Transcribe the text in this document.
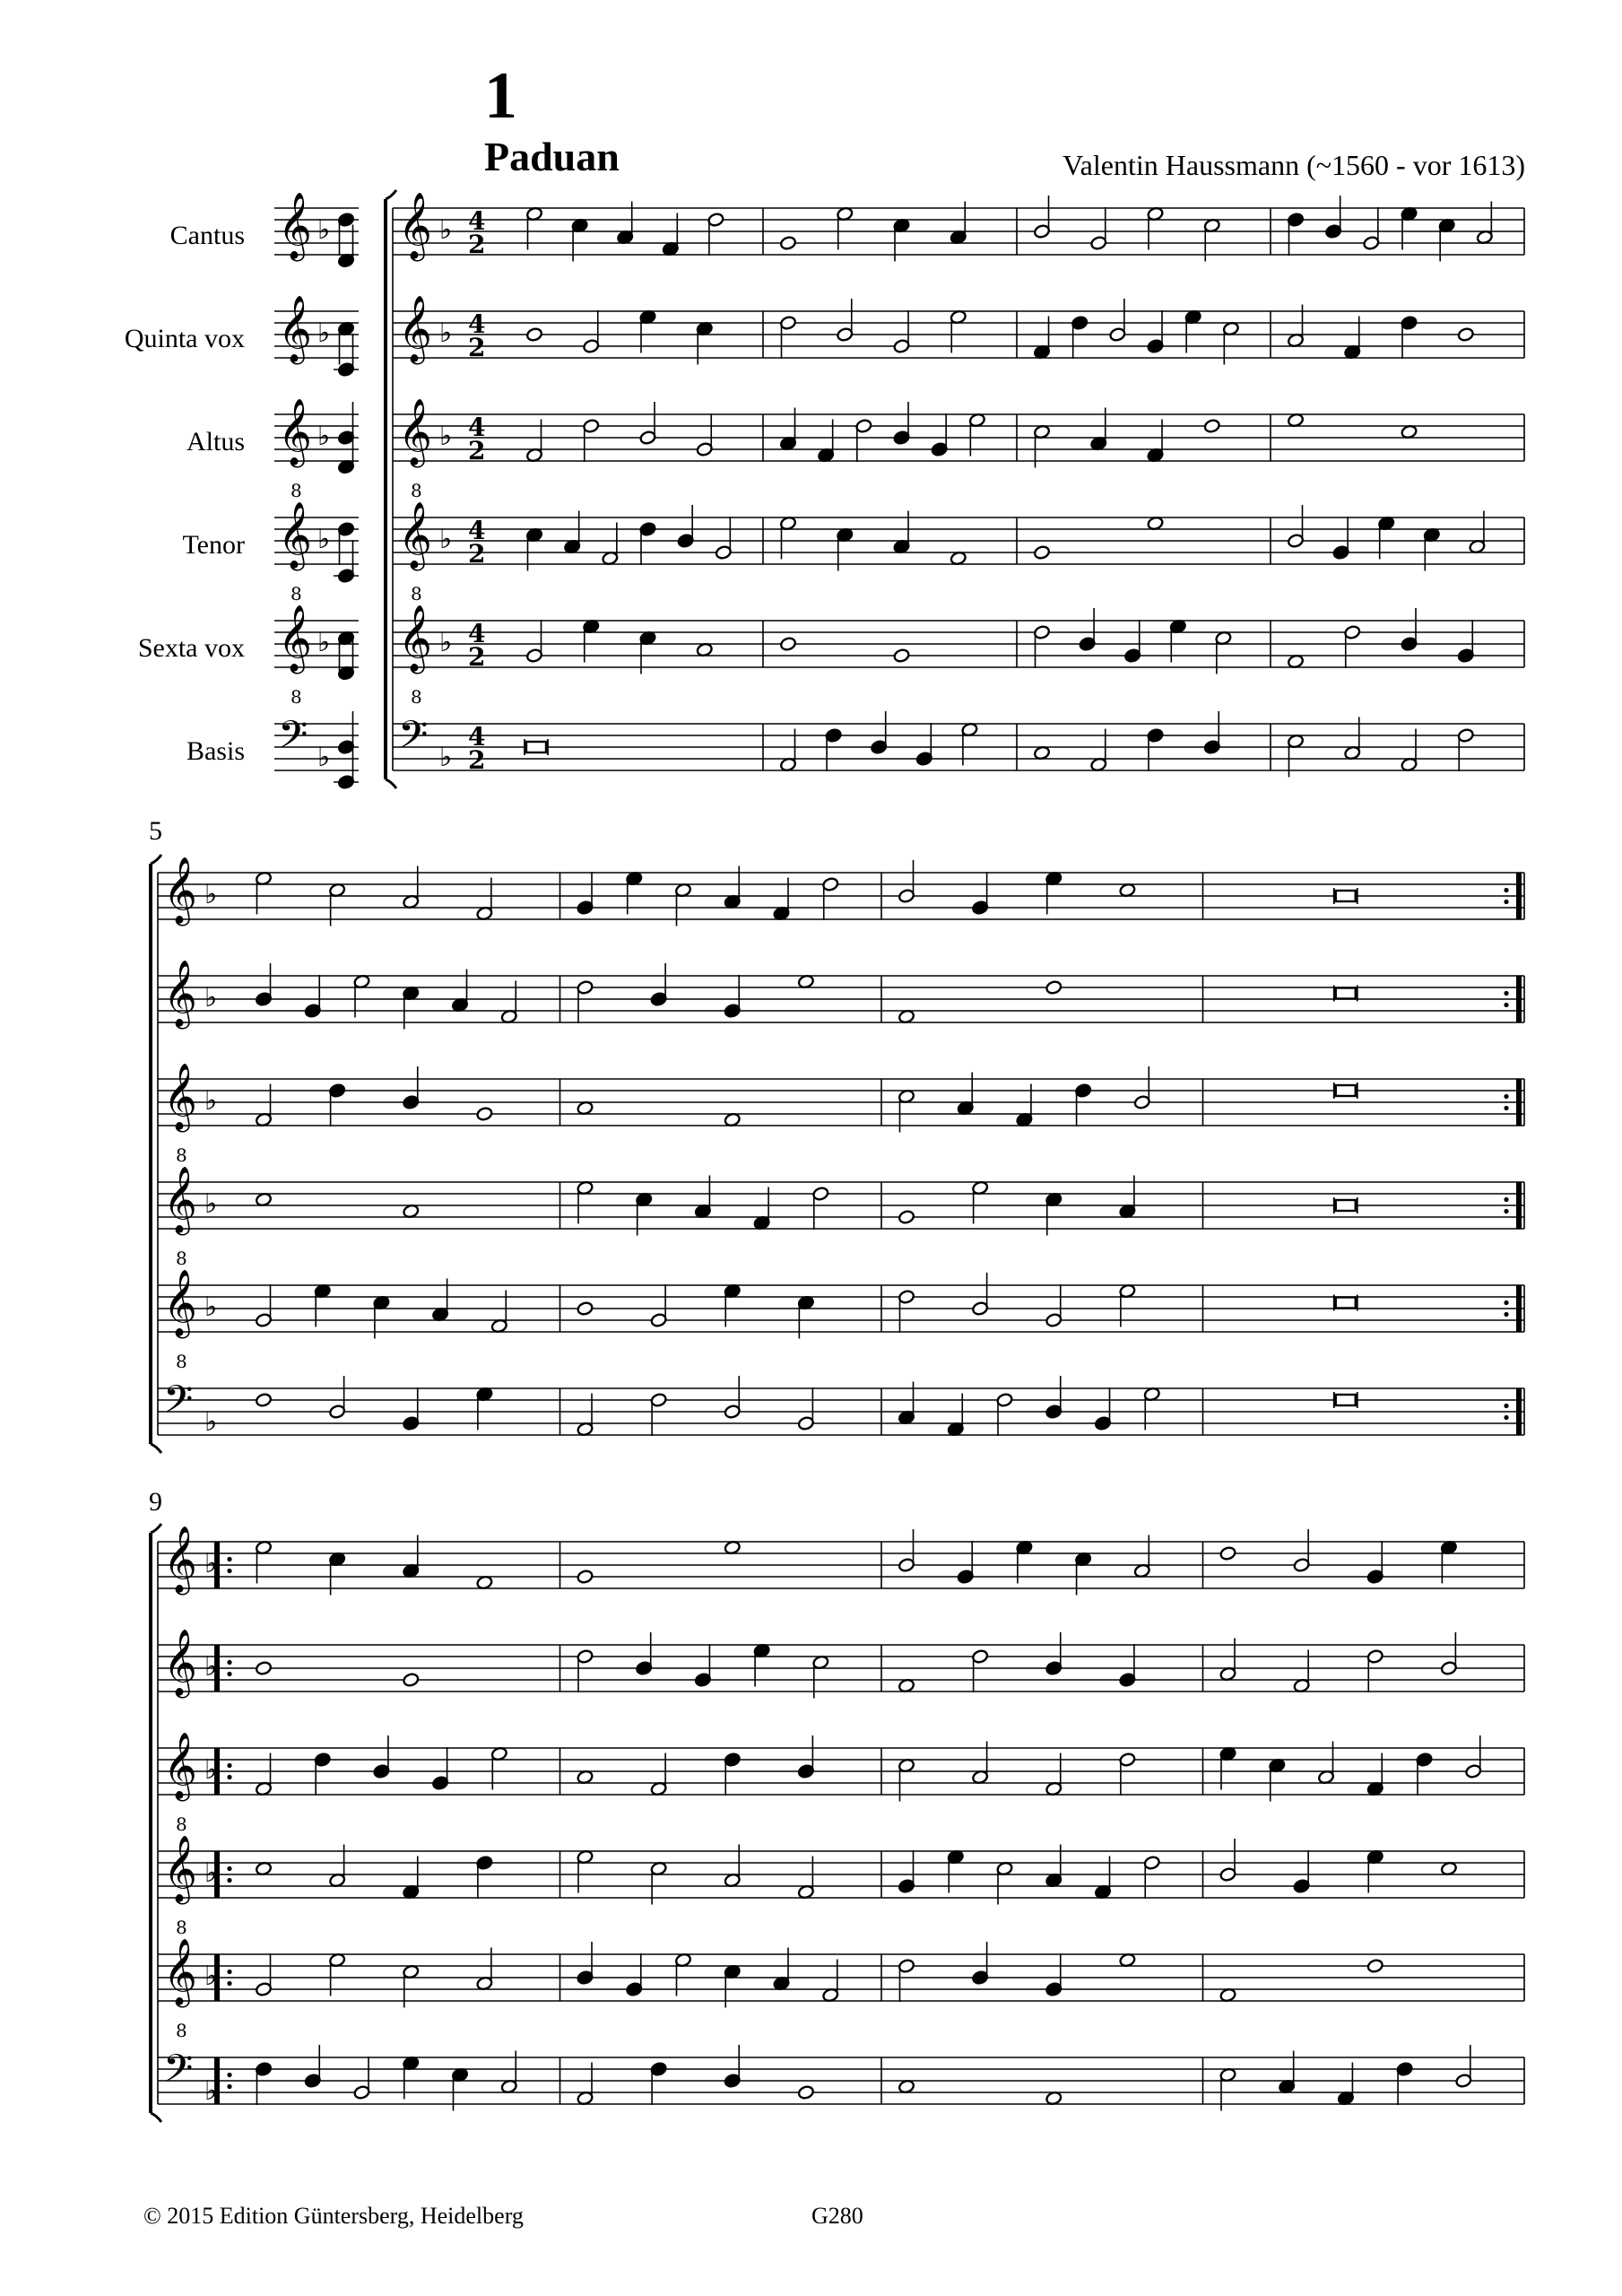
1
Paduan	Valentin Haussmann (~1560 - vor 1613)
Cantus
Quinta vox
Altus
Tenor
Sexta vox
Basis
5
9
𝄞 ♭
𝄞 ♭
𝄞
8
♭
𝄞
8
♭
𝄞
8
♭
𝄢 ♭
𝄞 ♭ 4
2
𝄞 ♭ 4
2
𝄞
8
♭ 4
2
𝄞
8
♭ 4
2
𝄞
8
♭ 4
2
𝄢 ♭
4
2
𝄞 ♭
𝄞 ♭
𝄞
8
♭
𝄞
8
♭
𝄞
8
♭
𝄢 ♭
𝄞 ♭
𝄞 ♭
𝄞
8
♭
𝄞
8
♭
𝄞
8
♭
𝄢 ♭
© 2015 Edition Güntersberg, Heidelberg	G280
